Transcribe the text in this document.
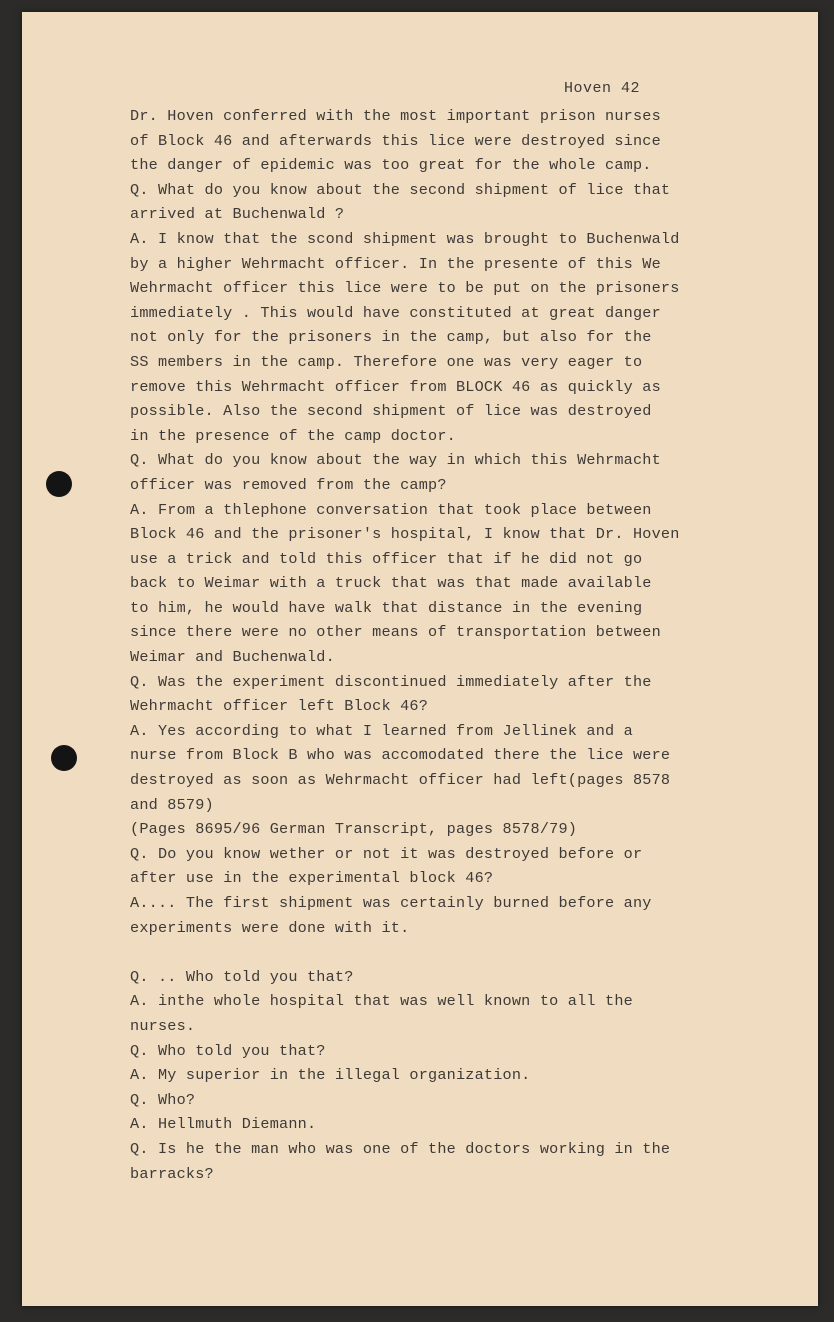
Hoven 42
Dr. Hoven conferred with the most important prison nurses
of Block 46 and afterwards this lice were destroyed since
the danger of epidemic was too great for the whole camp.
Q. What do you know about the second shipment of lice that
arrived at Buchenwald ?
A. I know that the scond shipment was brought to Buchenwald
by a higher Wehrmacht officer. In the presente of this We
Wehrmacht officer this lice were to be put on the prisoners
immediately . This would have constituted at great danger
not only for the prisoners in the camp, but also for the
SS members in the camp. Therefore one was very eager to
remove this Wehrmacht officer from BLOCK 46 as quickly as
possible. Also the second shipment of lice was destroyed
in the presence of the camp doctor.
Q. What do you know about the way in which this Wehrmacht
officer was removed from the camp?
A. From a thlephone conversation that took place between
Block 46 and the prisoner's hospital, I know that Dr. Hoven
use a trick and told this officer that if he did not go
back to Weimar with a truck that was that made available
to him, he would have walk that distance in the evening
since there were no other means of transportation between
Weimar and Buchenwald.
Q. Was the experiment discontinued immediately after the
Wehrmacht officer left Block 46?
A. Yes according to what I learned from Jellinek and a
nurse from Block B who was accomodated there the lice were
destroyed as soon as Wehrmacht officer had left(pages 8578
and 8579)
(Pages 8695/96 German Transcript, pages 8578/79)
Q. Do you know wether or not it was destroyed before or
after use in the experimental block 46?
A.... The first shipment was certainly burned before any
experiments were done with it.
Q. .. Who told you that?
A. inthe whole hospital that was well known to all the
nurses.
Q. Who told you that?
A. My superior in the illegal organization.
Q. Who?
A. Hellmuth Diemann.
Q. Is he the man who was one of the doctors working in the
barracks?
